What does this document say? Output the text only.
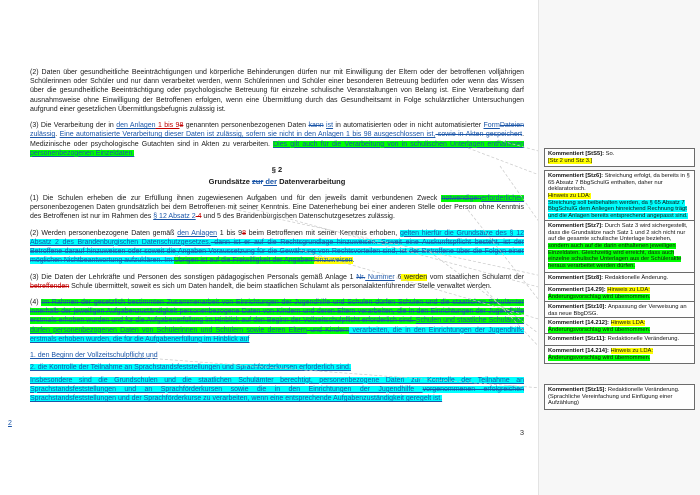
(2) Daten über gesundheitliche Beeinträchtigungen und körperliche Behinderungen dürfen nur mit Einwilligung der Eltern oder der betroffenen volljährigen Schülerinnen oder Schüler und nur dann verarbeitet werden, wenn Schülerinnen und Schüler einer besonderen Betreuung bedürfen oder wenn das Wissen über die gesundheitliche Beeinträchtigung oder psychologische Betreuung für einzelne schulische Veranstaltungen von Belang ist. Eine Verarbeitung darf ausnahmsweise ohne Einwilligung der Betroffenen erfolgen, wenn eine Übermittlung durch das Gesundheitsamt in Folge schulärztlicher Untersuchungen aufgrund einer gesetzlichen Übermittlungsbefugnis zulässig ist.

(3) Die Verarbeitung der in den Anlagen 1 bis 98 genannten personenbezogenen Daten kann ist in automatisierten oder in nicht automatisierter FormDateien zulässig. Eine automatisierte Verarbeitung dieser Daten ist zulässig, sofern sie nicht in den Anlagen 1 bis 98 ausgeschlossen ist, sowie in Akten gespeichert. Medizinische oder psychologische Gutachten sind in Akten zu verarbeiten. Dies gilt auch für die Verarbeitung von in schulischen Unterlagen enthaltenen personenbezogenen Einzeldaten.

§ 2
Grundsätze zur der Datenverarbeitung

(1) Die Schulen erheben die zur Erfüllung ihnen zugewiesenen Aufgaben und für den jeweils damit verbundenen Zweck notwendigenerforderlichen personenbezogenen Daten grundsätzlich bei dem Betroffenen mit seiner Kenntnis. Eine Datenerhebung bei einer anderen Stelle oder Person ohne Kenntnis des Betroffenen ist nur im Rahmen des § 12 Absatz 2 4 und 5 des Brandenburgischen Datenschutzgesetzes zulässig.

(2) Werden personenbezogene Daten gemäß den Anlagen 1 bis 98 beim Betroffenen mit seiner Kenntnis erhoben, gelten hierfür die Grundsätze des § 12 Absatz 2 des Brandenburgischen Datenschutzgesetzes. dann ist er auf die Rechtsgrundlage hinzuweisen. Soweit eine Auskunftspflicht besteht, ist der Betroffene darauf hinzuweisen oder soweit die Angaben Voraussetzung für die Gewährung von Rechtsvorteilen sind, ist der Betroffene über die Folgen einer möglichen Nichtbeantwortung aufzuklären. Im Übrigen ist auf die Freiwilligkeit der Angaben hinzuweisen.

(3) Die Daten der Lehrkräfte und Personen des sonstigen pädagogischen Personals gemäß Anlage 1 Nr. Nummer 6 werden vom staatlichen Schulamt der betreffenden Schule übermittelt, soweit es sich um Daten handelt, die beim staatlichen Schulamt als personalaktenführender Stelle verwaltet werden.

(4) Im Rahmen der gesetzlich bestimmten Zusammenarbeit von Einrichtungen der Jugendhilfe und Schulen dürfen Schulen und die staatlichen Schulämter innerhalb der jeweiligen Aufgabenzuständigkeit personenbezogene Daten von Kindern und deren Eltern verarbeiten, die in den Einrichtungen der Jugendhilfe erstmals erhoben wurden und für die Aufgabenerfüllung im Hinblick auf den Beginn der Vollzeitschulpflicht erforderlich sind. Schulen und staatliche Schulämter dürfen personenbezogenen Daten von Schülerinnen und Schülern sowie deren Eltern und Kindern verarbeiten, die in den Einrichtungen der Jugendhilfe erstmals erhoben wurden, die für die Aufgabenerfüllung im Hinblick auf

1. den Beginn der Vollzeitschulpflicht und

2. die Kontrolle der Teilnahme an Sprachstandsfeststellungen und Sprachförderkursen erforderlich sind.

Insbesondere sind die Grundschulen und die staatlichen Schulämter berechtigt, personenbezogene Daten zur Kontrolle der Teilnahme an Sprachstandsfeststellungen und an Sprachförderkursen sowie die in den Einrichtungen der Jugendhilfe vorgenommenen erfolgreichen Sprachstandsfeststellungen und der Sprachförderkurse zu verarbeiten, wenn eine entsprechende Aufgabenzuständigkeit geregelt ist.

2
3
Kommentiert [StS5]: So.
[Stz 2 und Stz 3.]
Kommentiert [Stz6]: Streichung erfolgt, da bereits in § 65 Absatz 7 BbgSchulG enthalten, daher nur deklaratorisch.
Hinweis zu LDA:
Streichung soll beibehalten werden, da § 65 Absatz 7 BbgSchulG dem Anliegen hinreichend Rechnung trägt und die Anlagen bereits entsprechend angepasst sind.
Kommentiert [Stz7]: Durch Satz 3 wird sichergestellt, dass die Grundsätze nach Satz 1 und 2 sich nicht nur auf die gesamte schulische Unterlage beziehen, sondern auch auf die darin enthaltenen jeweiligen Einzeldaten. Gleichzeitig wird erreicht, dass auch einzelne schulische Unterlagen aus der Schülerakte heraus verarbeitet werden dürfen.
Kommentiert [Stz8]: Redaktionelle Änderung.
Kommentiert [14.29]: Hinweis zu LDA:
Änderungsvorschlag wird übernommen.
Kommentiert [Stz10]: Anpassung der Verweisung an das neue BbgDSG.
Kommentiert [14.212]: Hinweis LDA:
Änderungsvorschlag wird übernommen.
Kommentiert [Stz11]: Redaktionelle Veränderung.
Kommentiert [14.214]: Hinweis zu LDA:
Änderungsvorschlag wird übernommen.
Kommentiert [Stz15]: Redaktionelle Veränderung.
(Sprachliche Vereinfachung und Einfügung einer Aufzählung)
